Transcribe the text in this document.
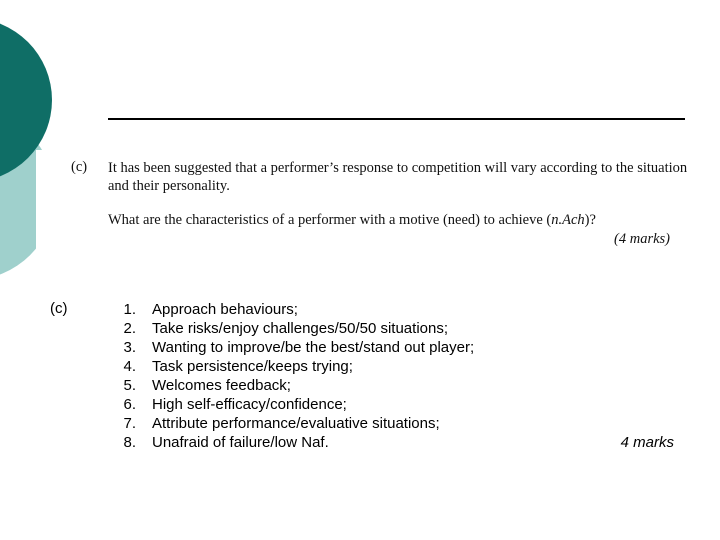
(c) It has been suggested that a performer’s response to competition will vary according to the situation and their personality.

What are the characteristics of a performer with a motive (need) to achieve (n.Ach)?

(4 marks)
(c)	1. Approach behaviours;
2. Take risks/enjoy challenges/50/50 situations;
3. Wanting to improve/be the best/stand out player;
4. Task persistence/keeps trying;
5. Welcomes feedback;
6. High self-efficacy/confidence;
7. Attribute performance/evaluative situations;
8. Unafraid of failure/low Naf.	4 marks
